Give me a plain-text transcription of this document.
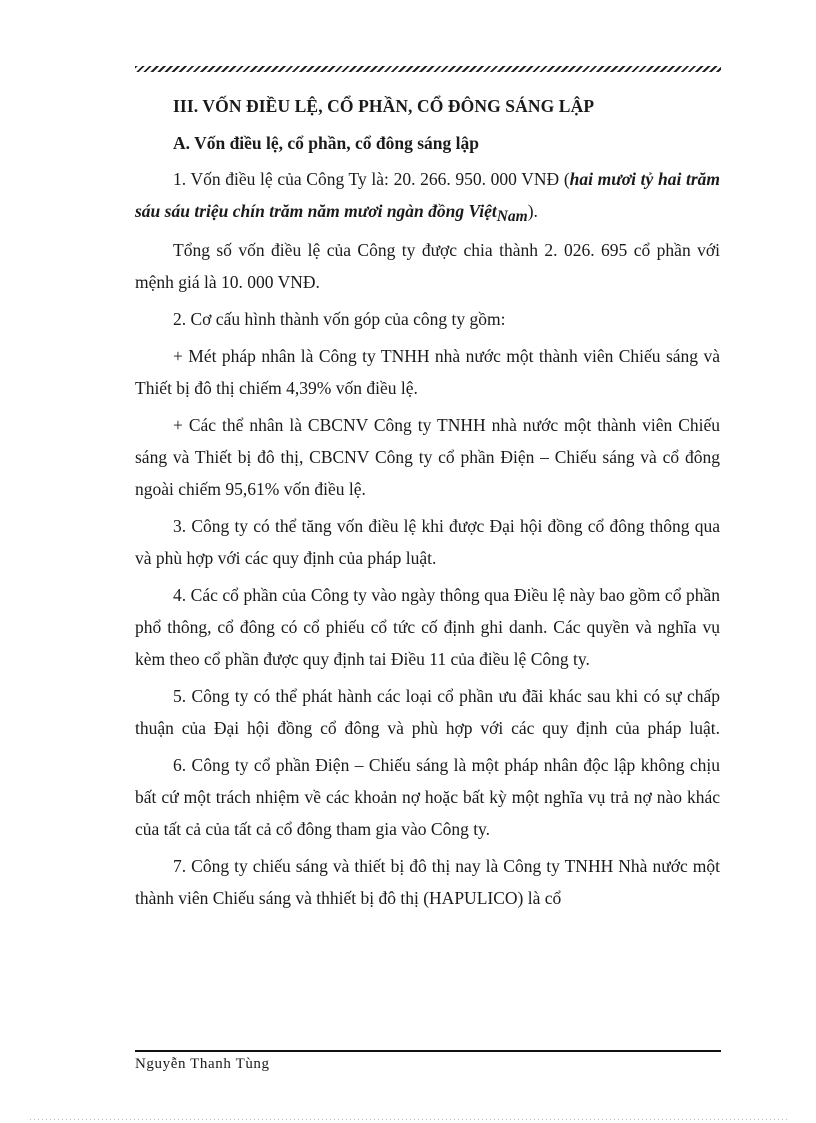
III. VỐN ĐIỀU LỆ, CỔ PHẦN, CỔ ĐÔNG SÁNG LẬP
A. Vốn điều lệ, cổ phần, cổ đông sáng lập

1. Vốn điều lệ của Công Ty là: 20. 266. 950. 000 VNĐ (hai mươi tỷ hai trăm sáu sáu triệu chín trăm năm mươi ngàn đồng ViệtNam).

Tổng số vốn điều lệ của Công ty được chia thành 2. 026. 695 cổ phần với mệnh giá là 10. 000 VNĐ.

2. Cơ cấu hình thành vốn góp của công ty gồm:

+ Mét pháp nhân là Công ty TNHH nhà nước một thành viên Chiếu sáng và Thiết bị đô thị chiếm 4,39% vốn điều lệ.

+ Các thể nhân là CBCNV Công ty TNHH nhà nước một thành viên Chiếu sáng và Thiết bị đô thị, CBCNV Công ty cổ phần Điện – Chiếu sáng và cổ đông ngoài chiếm 95,61% vốn điều lệ.

3. Công ty có thể tăng vốn điều lệ khi được Đại hội đồng cổ đông thông qua và phù hợp với các quy định của pháp luật.

4. Các cổ phần của Công ty vào ngày thông qua Điều lệ này bao gồm cổ phần phổ thông, cổ đông có cổ phiếu cổ tức cố định ghi danh. Các quyền và nghĩa vụ kèm theo cổ phần được quy định tai Điều 11 của điều lệ Công ty.

5. Công ty có thể phát hành các loại cổ phần ưu đãi khác sau khi có sự chấp thuận của Đại hội đồng cổ đông và phù hợp với các quy định của pháp luật.

6. Công ty cổ phần Điện – Chiếu sáng là một pháp nhân độc lập không chịu bất cứ một trách nhiệm về các khoản nợ hoặc bất kỳ một nghĩa vụ trả nợ nào khác của tất cả của tất cả cổ đông tham gia vào Công ty.

7. Công ty chiếu sáng và thiết bị đô thị nay là Công ty TNHH Nhà nước một thành viên Chiếu sáng và thhiết bị đô thị (HAPULICO) là cổ

Nguyễn Thanh Tùng
